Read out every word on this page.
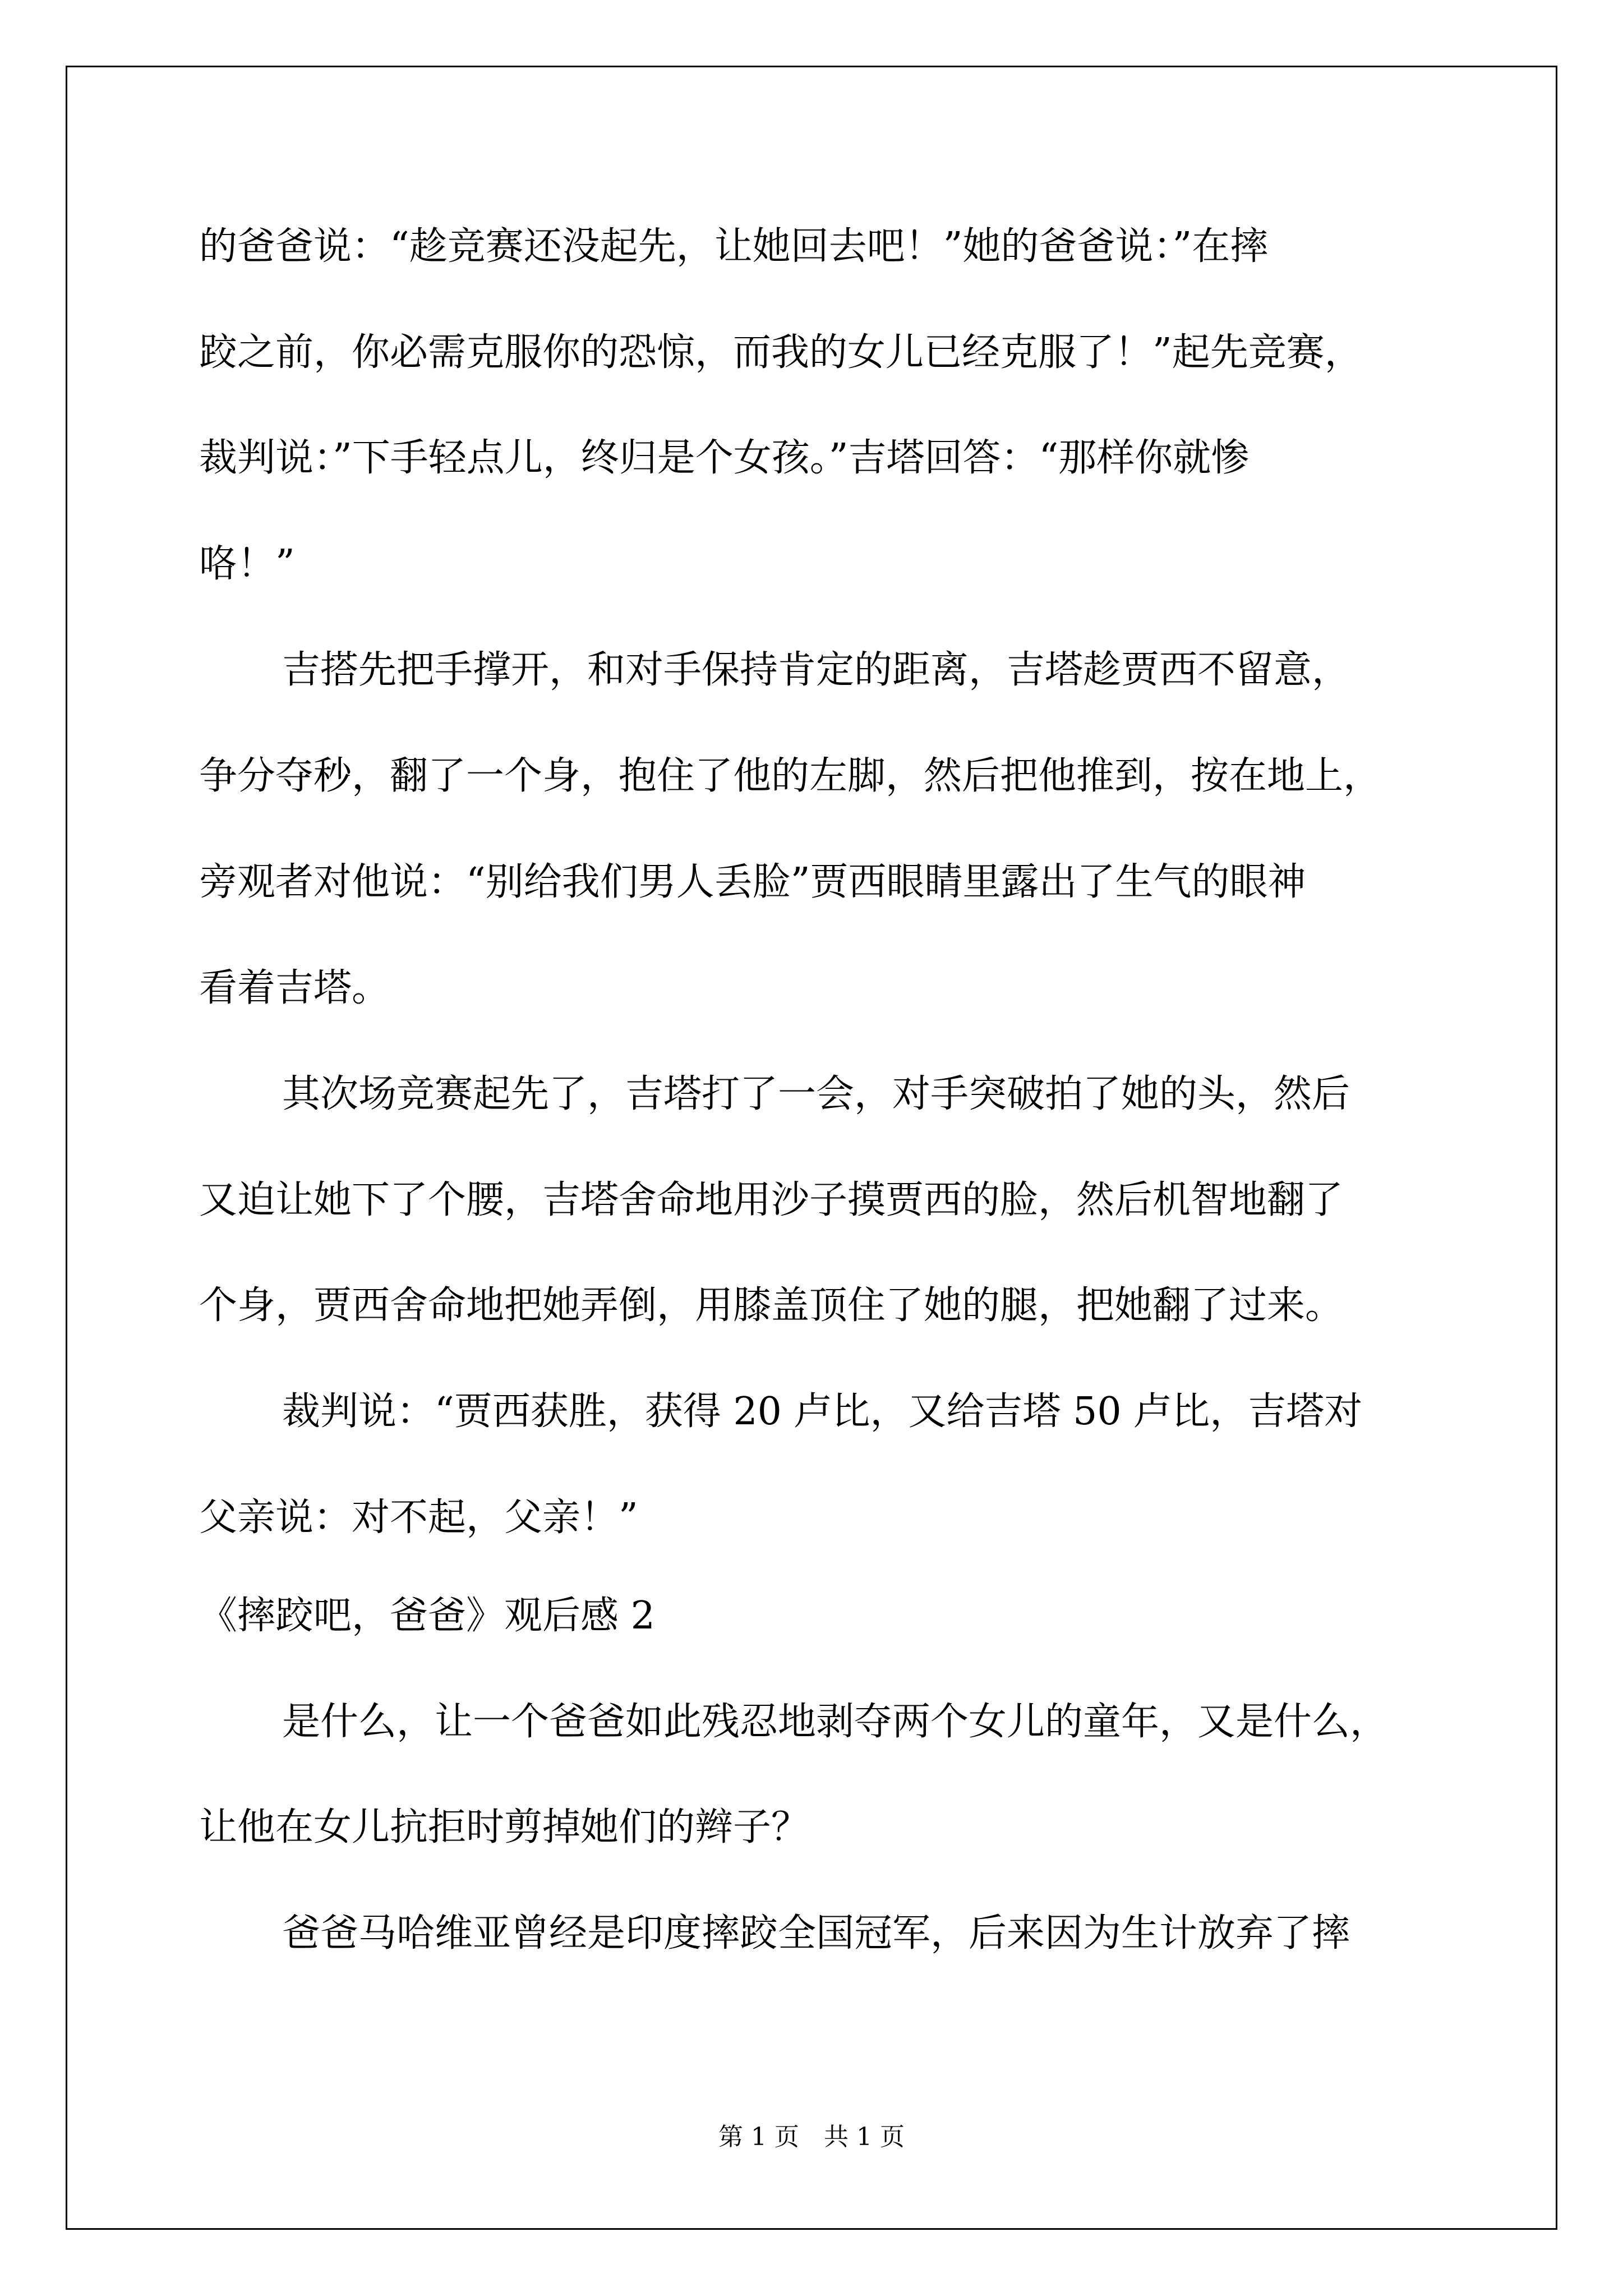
的爸爸说：“趁竞赛还没起先，让她回去吧！”她的爸爸说：”在摔
跤之前，你必需克服你的恐惊，而我的女儿已经克服了！”起先竞赛，
裁判说：”下手轻点儿，终归是个女孩。”吉塔回答：“那样你就惨
咯！”
吉搭先把手撑开，和对手保持肯定的距离，吉塔趁贾西不留意，
争分夺秒，翻了一个身，抱住了他的左脚，然后把他推到，按在地上，
旁观者对他说：“别给我们男人丢脸”贾西眼睛里露出了生气的眼神
看着吉塔。
其次场竞赛起先了，吉塔打了一会，对手突破拍了她的头，然后
又迫让她下了个腰，吉塔舍命地用沙子摸贾西的脸，然后机智地翻了
个身，贾西舍命地把她弄倒，用膝盖顶住了她的腿，把她翻了过来。
裁判说：“贾西获胜，获得 20 卢比，又给吉塔 50 卢比，吉塔对
父亲说：对不起，父亲！”
《摔跤吧，爸爸》观后感 2
是什么，让一个爸爸如此残忍地剥夺两个女儿的童年，又是什么，
让他在女儿抗拒时剪掉她们的辫子？
爸爸马哈维亚曾经是印度摔跤全国冠军，后来因为生计放弃了摔
第 1 页　共 1 页
